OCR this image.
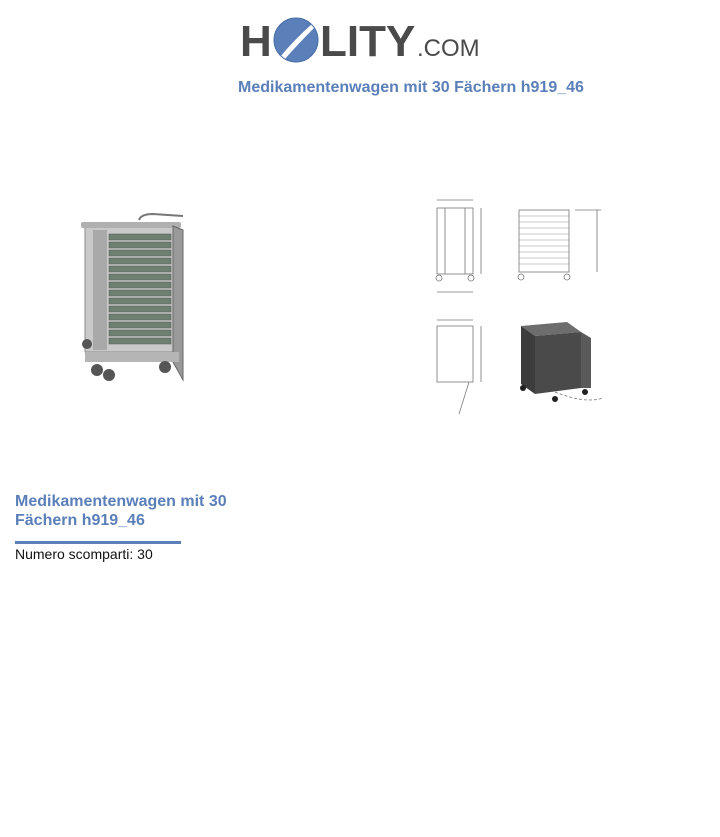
H LITY .COM
Medikamentenwagen mit 30 Fächern h919_46
Medikamentenwagen mit 30 Fächern h919_46
Numero scomparti: 30
